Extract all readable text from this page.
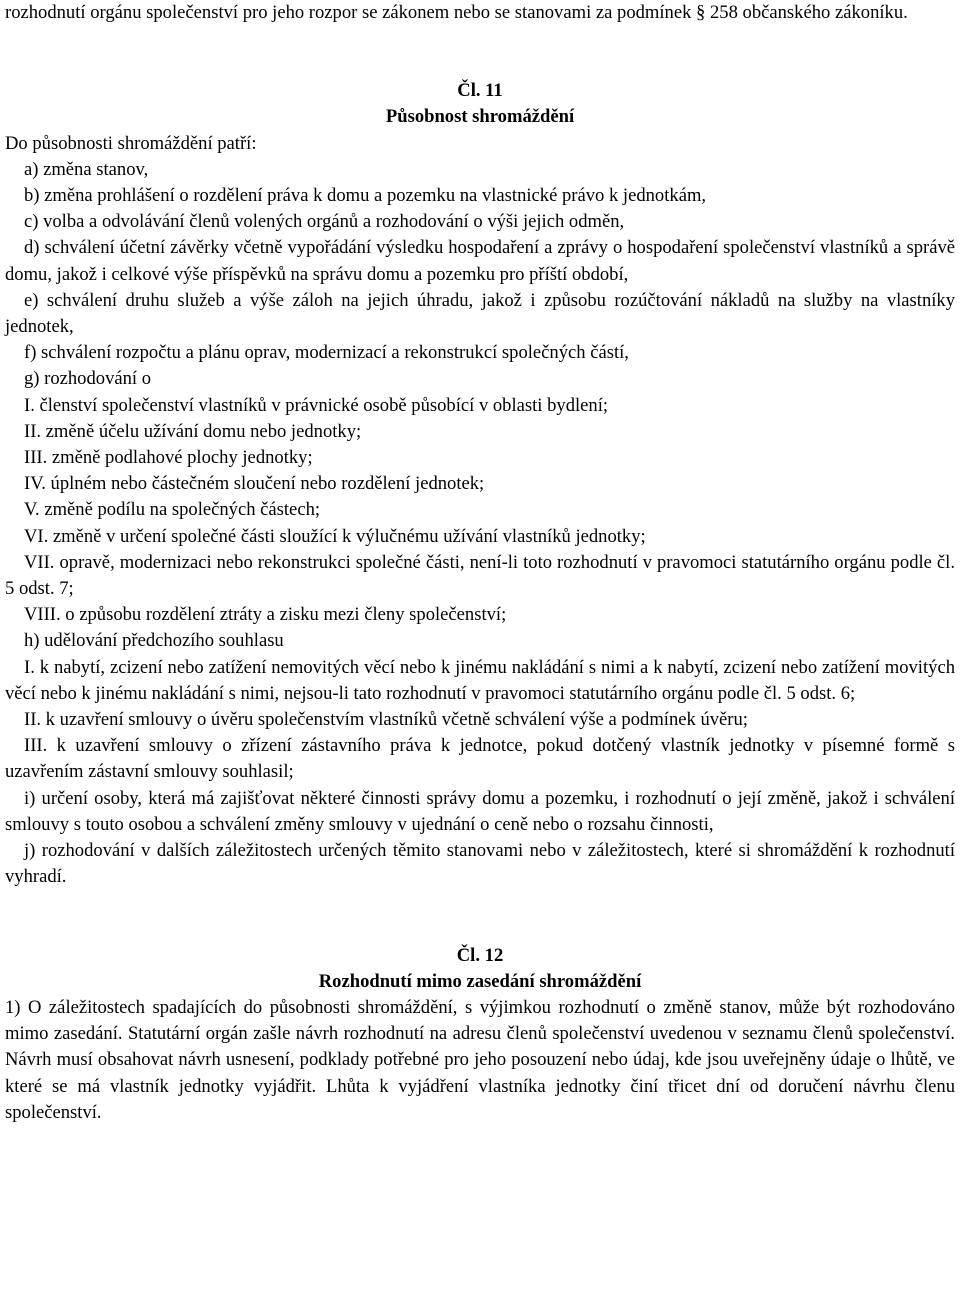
rozhodnutí orgánu společenství pro jeho rozpor se zákonem nebo se stanovami za podmínek § 258 občanského zákoníku.

Čl. 11

Působnost shromáždění

Do působnosti shromáždění patří:

a) změna stanov,

b) změna prohlášení o rozdělení práva k domu a pozemku na vlastnické právo k jednotkám,

c) volba a odvolávání členů volených orgánů a rozhodování o výši jejich odměn,

d) schválení účetní závěrky včetně vypořádání výsledku hospodaření a zprávy o hospodaření společenství vlastníků a správě domu, jakož i celkové výše příspěvků na správu domu a pozemku pro příští období,

e) schválení druhu služeb a výše záloh na jejich úhradu, jakož i způsobu rozúčtování nákladů na služby na vlastníky jednotek,

f) schválení rozpočtu a plánu oprav, modernizací a rekonstrukcí společných částí,

g) rozhodování o

I. členství společenství vlastníků v právnické osobě působící v oblasti bydlení;

II. změně účelu užívání domu nebo jednotky;

III. změně podlahové plochy jednotky;

IV. úplném nebo částečném sloučení nebo rozdělení jednotek;

V. změně podílu na společných částech;

VI. změně v určení společné části sloužící k výlučnému užívání vlastníků jednotky;

VII. opravě, modernizaci nebo rekonstrukci společné části, není-li toto rozhodnutí v pravomoci statutárního orgánu podle čl. 5 odst. 7;

VIII. o způsobu rozdělení ztráty a zisku mezi členy společenství;

h) udělování předchozího souhlasu

I. k nabytí, zcizení nebo zatížení nemovitých věcí nebo k jinému nakládání s nimi a k nabytí, zcizení nebo zatížení movitých věcí nebo k jinému nakládání s nimi, nejsou-li tato rozhodnutí v pravomoci statutárního orgánu podle čl. 5 odst. 6;

II. k uzavření smlouvy o úvěru společenstvím vlastníků včetně schválení výše a podmínek úvěru;

III. k uzavření smlouvy o zřízení zástavního práva k jednotce, pokud dotčený vlastník jednotky v písemné formě s uzavřením zástavní smlouvy souhlasil;

i) určení osoby, která má zajišťovat některé činnosti správy domu a pozemku, i rozhodnutí o její změně, jakož i schválení smlouvy s touto osobou a schválení změny smlouvy v ujednání o ceně nebo o rozsahu činnosti,

j) rozhodování v dalších záležitostech určených těmito stanovami nebo v záležitostech, které si shromáždění k rozhodnutí vyhradí.

Čl. 12

Rozhodnutí mimo zasedání shromáždění

1) O záležitostech spadajících do působnosti shromáždění, s výjimkou rozhodnutí o změně stanov, může být rozhodováno mimo zasedání. Statutární orgán zašle návrh rozhodnutí na adresu členů společenství uvedenou v seznamu členů společenství. Návrh musí obsahovat návrh usnesení, podklady potřebné pro jeho posouzení nebo údaj, kde jsou uveřejněny údaje o lhůtě, ve které se má vlastník jednotky vyjádřit. Lhůta k vyjádření vlastníka jednotky činí třicet dní od doručení návrhu členu společenství.
